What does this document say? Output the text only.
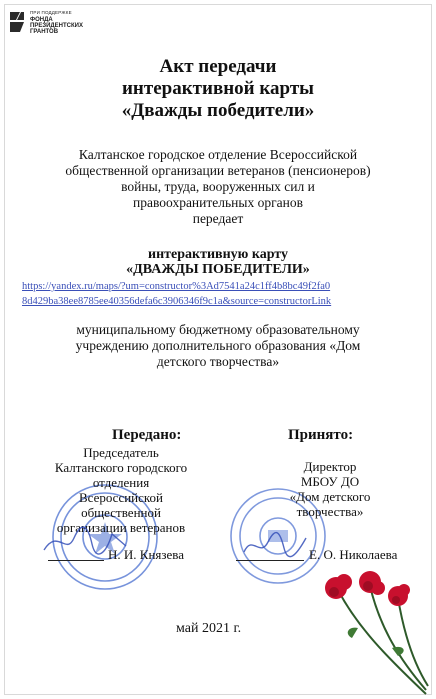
ПРИ ПОДДЕРЖКЕ
ФОНДА
ПРЕЗИДЕНТСКИХ
ГРАНТОВ
Акт передачи
интерактивной карты
«Дважды победители»
Калтанское городское отделение Всероссийской
общественной организации ветеранов (пенсионеров)
войны, труда, вооруженных сил и
правоохранительных органов
передает
интерактивную карту
«ДВАЖДЫ ПОБЕДИТЕЛИ»
https://yandex.ru/maps/?um=constructor%3Ad7541a24c1ff4b8bc49f2fa0
8d429ba38ee8785ee40356defa6c3906346f9c1a&source=constructorLink
муниципальному бюджетному образовательному
учреждению дополнительного образования «Дом
детского творчества»
Передано:	Принято:
Председатель
Калтанского городского
отделения
Всероссийской
общественной
организации ветеранов
Директор
МБОУ ДО
«Дом детского
творчества»
Н. И. Князева	Е. О. Николаева
май 2021 г.
